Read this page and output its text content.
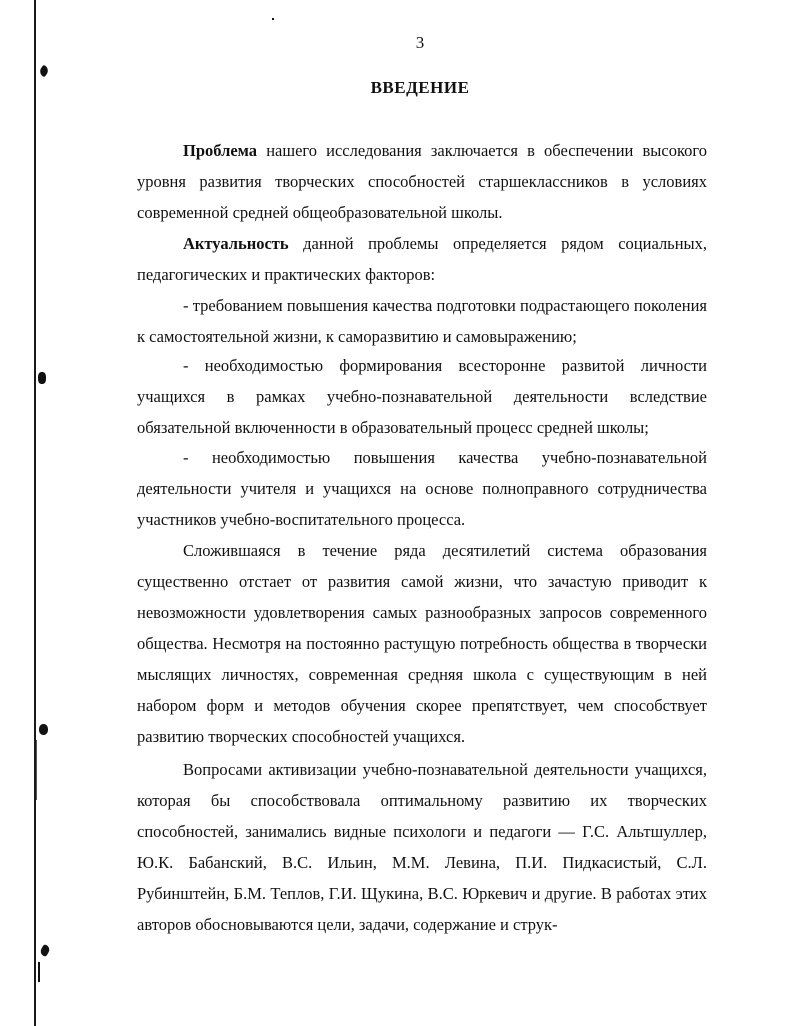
3
ВВЕДЕНИЕ

Проблема нашего исследования заключается в обеспечении высокого уровня развития творческих способностей старшеклассников в условиях современной средней общеобразовательной школы.

Актуальность данной проблемы определяется рядом социальных, педагогических и практических факторов:

- требованием повышения качества подготовки подрастающего поколения к самостоятельной жизни, к саморазвитию и самовыражению;

- необходимостью формирования всесторонне развитой личности учащихся в рамках учебно-познавательной деятельности вследствие обязательной включенности в образовательный процесс средней школы;

- необходимостью повышения качества учебно-познавательной деятельности учителя и учащихся на основе полноправного сотрудничества участников учебно-воспитательного процесса.

Сложившаяся в течение ряда десятилетий система образования существенно отстает от развития самой жизни, что зачастую приводит к невозможности удовлетворения самых разнообразных запросов современного общества. Несмотря на постоянно растущую потребность общества в творчески мыслящих личностях, современная средняя школа с существующим в ней набором форм и методов обучения скорее препятствует, чем способствует развитию творческих способностей учащихся.

Вопросами активизации учебно-познавательной деятельности учащихся, которая бы способствовала оптимальному развитию их творческих способностей, занимались видные психологи и педагоги — Г.С. Альтшуллер, Ю.К. Бабанский, В.С. Ильин, М.М. Левина, П.И. Пидкасистый, С.Л. Рубинштейн, Б.М. Теплов, Г.И. Щукина, В.С. Юркевич и другие. В работах этих авторов обосновываются цели, задачи, содержание и струк-
